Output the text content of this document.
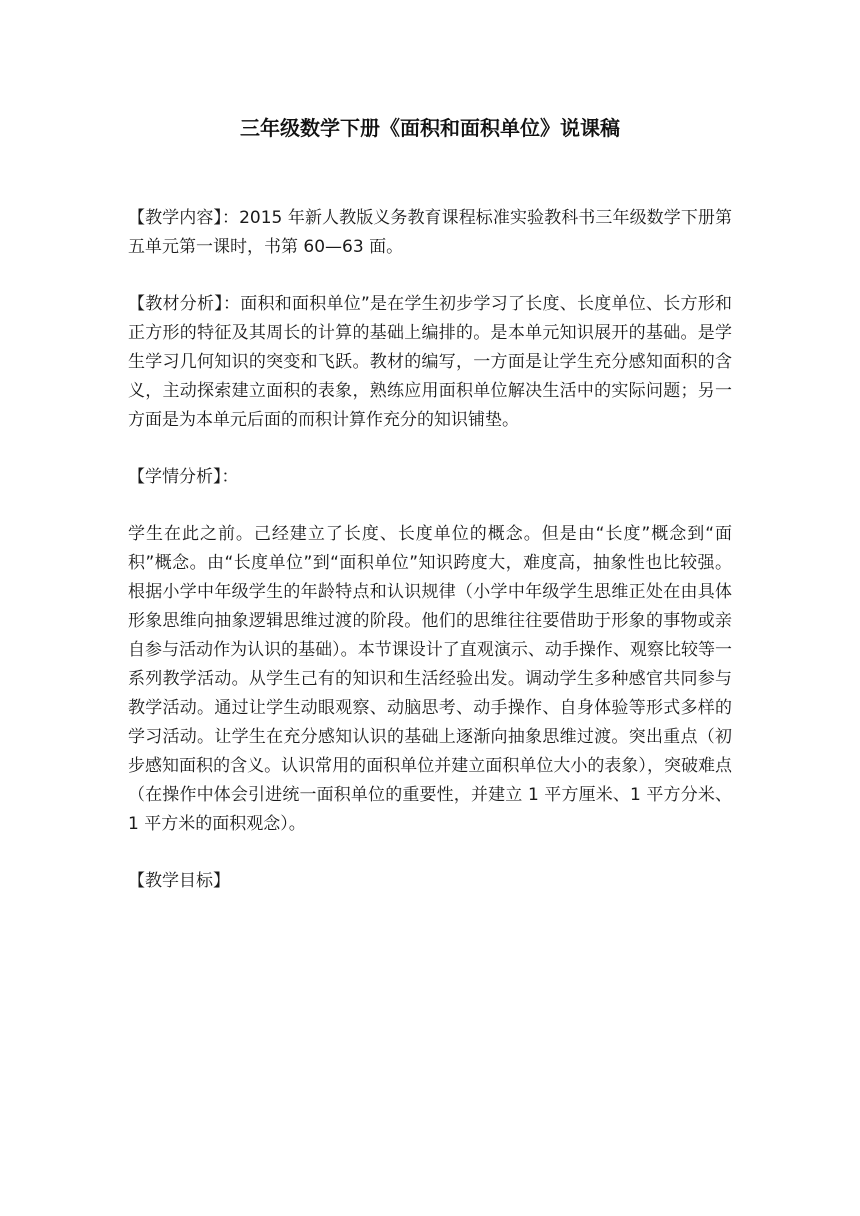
三年级数学下册《面积和面积单位》说课稿

【教学内容】：2015 年新人教版义务教育课程标准实验教科书三年级数学下册第五单元第一课时，书第 60—63 面。

【教材分析】：面积和面积单位”是在学生初步学习了长度、长度单位、长方形和正方形的特征及其周长的计算的基础上编排的。是本单元知识展开的基础。是学生学习几何知识的突变和飞跃。教材的编写，一方面是让学生充分感知面积的含义，主动探索建立面积的表象，熟练应用面积单位解决生活中的实际问题；另一方面是为本单元后面的而积计算作充分的知识铺垫。

【学情分析】：

学生在此之前。己经建立了长度、长度单位的概念。但是由“长度”概念到“面积”概念。由“长度单位”到“面积单位”知识跨度大，难度高，抽象性也比较强。根据小学中年级学生的年龄特点和认识规律（小学中年级学生思维正处在由具体形象思维向抽象逻辑思维过渡的阶段。他们的思维往往要借助于形象的事物或亲自参与活动作为认识的基础）。本节课设计了直观演示、动手操作、观察比较等一系列教学活动。从学生己有的知识和生活经验出发。调动学生多种感官共同参与教学活动。通过让学生动眼观察、动脑思考、动手操作、自身体验等形式多样的学习活动。让学生在充分感知认识的基础上逐渐向抽象思维过渡。突出重点（初步感知面积的含义。认识常用的面积单位并建立面积单位大小的表象），突破难点（在操作中体会引进统一面积单位的重要性，并建立 1 平方厘米、1 平方分米、1 平方米的面积观念）。

【教学目标】
